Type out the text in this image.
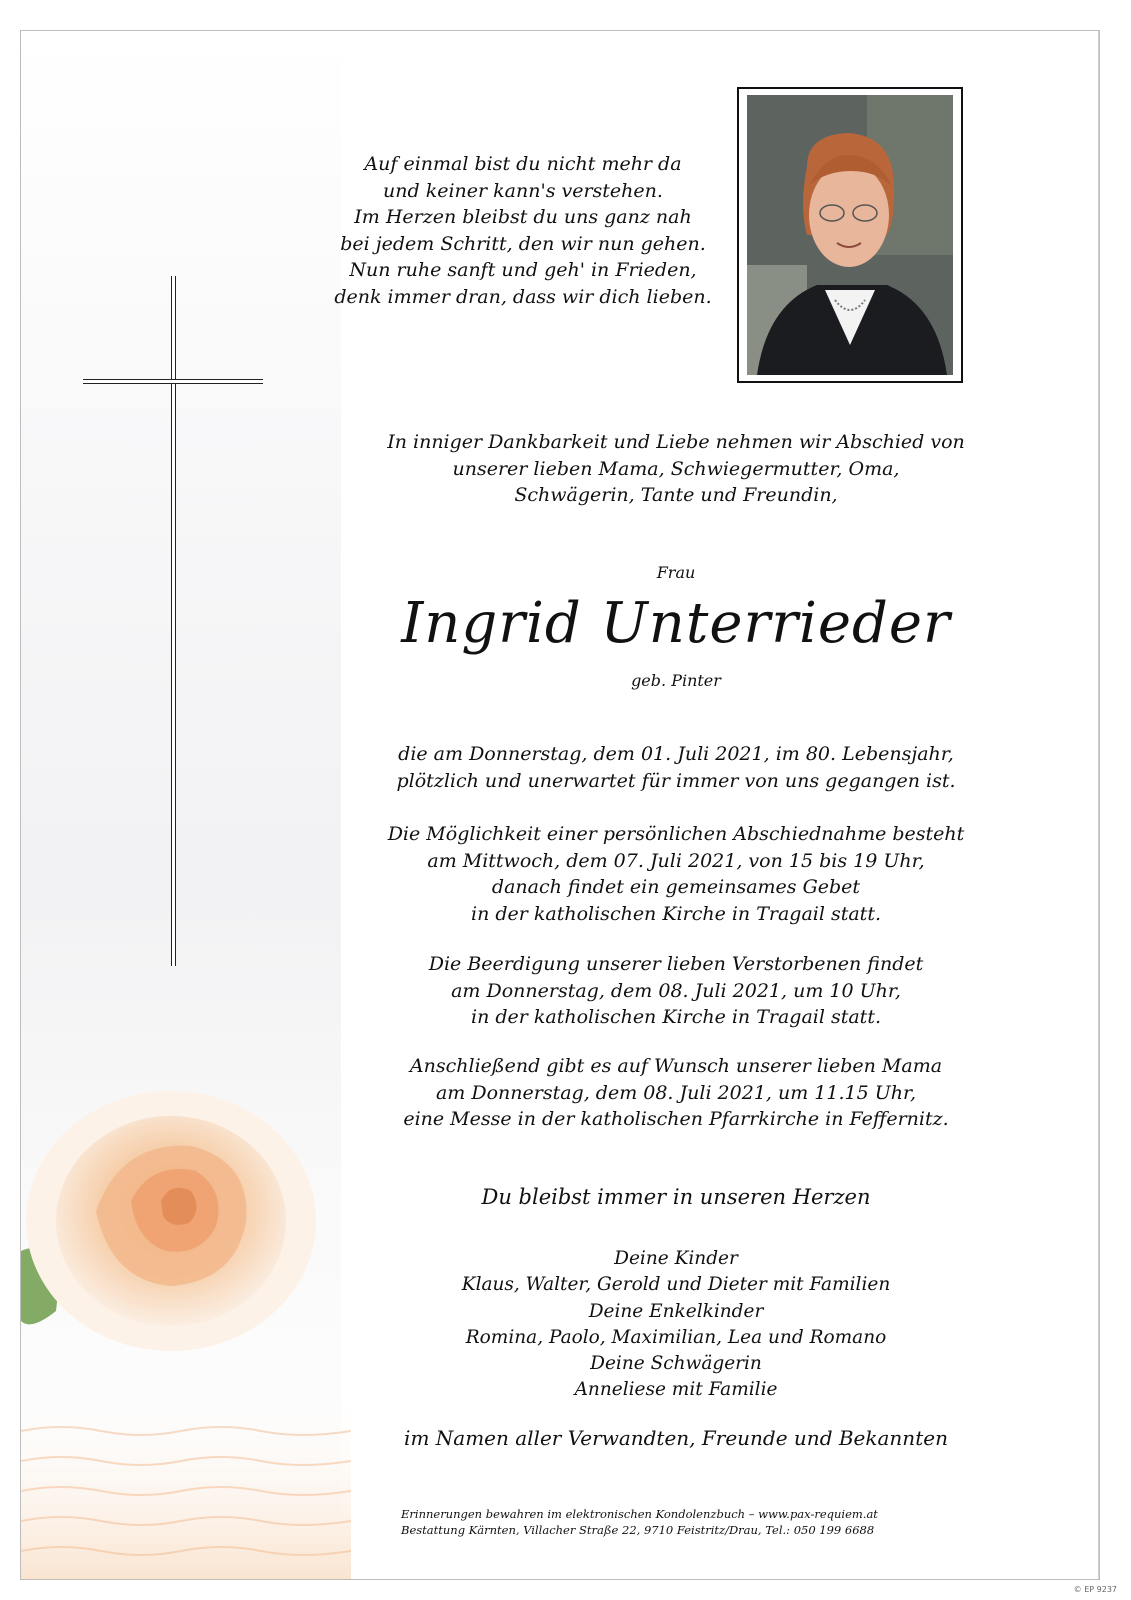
Auf einmal bist du nicht mehr da
und keiner kann's verstehen.
Im Herzen bleibst du uns ganz nah
bei jedem Schritt, den wir nun gehen.
Nun ruhe sanft und geh' in Frieden,
denk immer dran, dass wir dich lieben.
In inniger Dankbarkeit und Liebe nehmen wir Abschied von
unserer lieben Mama, Schwiegermutter, Oma,
Schwägerin, Tante und Freundin,
Frau
Ingrid Unterrieder
geb. Pinter
die am Donnerstag, dem 01. Juli 2021, im 80. Lebensjahr,
plötzlich und unerwartet für immer von uns gegangen ist.
Die Möglichkeit einer persönlichen Abschiednahme besteht
am Mittwoch, dem 07. Juli 2021, von 15 bis 19 Uhr,
danach findet ein gemeinsames Gebet
in der katholischen Kirche in Tragail statt.
Die Beerdigung unserer lieben Verstorbenen findet
am Donnerstag, dem 08. Juli 2021, um 10 Uhr,
in der katholischen Kirche in Tragail statt.
Anschließend gibt es auf Wunsch unserer lieben Mama
am Donnerstag, dem 08. Juli 2021, um 11.15 Uhr,
eine Messe in der katholischen Pfarrkirche in Feffernitz.
Du bleibst immer in unseren Herzen
Deine Kinder
Klaus, Walter, Gerold und Dieter mit Familien
Deine Enkelkinder
Romina, Paolo, Maximilian, Lea und Romano
Deine Schwägerin
Anneliese mit Familie
im Namen aller Verwandten, Freunde und Bekannten
Erinnerungen bewahren im elektronischen Kondolenzbuch – www.pax-requiem.at
Bestattung Kärnten, Villacher Straße 22, 9710 Feistritz/Drau, Tel.: 050 199 6688
© EP 9237
